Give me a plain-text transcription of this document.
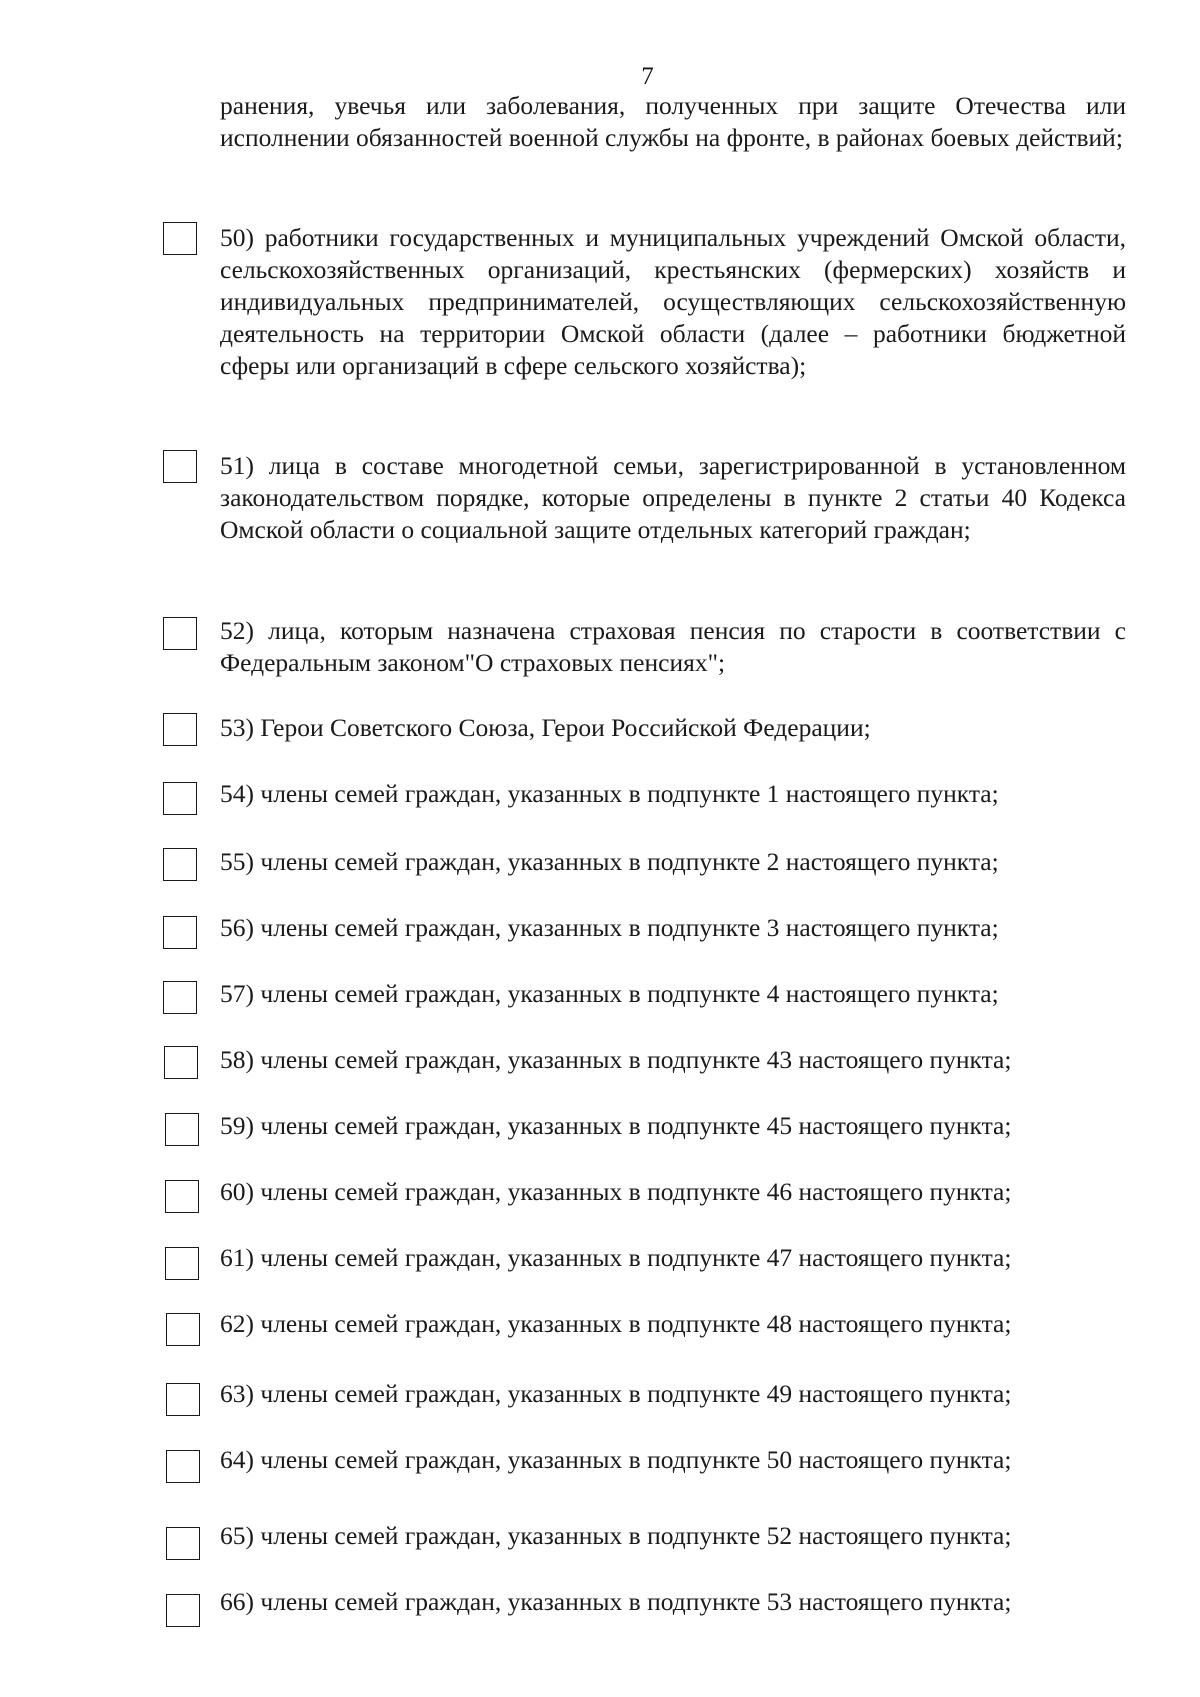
7
ранения, увечья или заболевания, полученных при защите Отечества или исполнении обязанностей военной службы на фронте, в районах боевых действий;
50) работники государственных и муниципальных учреждений Омской области, сельскохозяйственных организаций, крестьянских (фермерских) хозяйств и индивидуальных предпринимателей, осуществляющих сельскохозяйственную деятельность на территории Омской области (далее – работники бюджетной сферы или организаций в сфере сельского хозяйства);
51) лица в составе многодетной семьи, зарегистрированной в установленном законодательством порядке, которые определены в пункте 2 статьи 40 Кодекса Омской области о социальной защите отдельных категорий граждан;
52) лица, которым назначена страховая пенсия по старости в соответствии с Федеральным законом"О страховых пенсиях";
53) Герои Советского Союза, Герои Российской Федерации;
54) члены семей граждан, указанных в подпункте 1 настоящего пункта;
55) члены семей граждан, указанных в подпункте 2 настоящего пункта;
56) члены семей граждан, указанных в подпункте 3 настоящего пункта;
57) члены семей граждан, указанных в подпункте 4 настоящего пункта;
58) члены семей граждан, указанных в подпункте 43 настоящего пункта;
59) члены семей граждан, указанных в подпункте 45 настоящего пункта;
60) члены семей граждан, указанных в подпункте 46 настоящего пункта;
61) члены семей граждан, указанных в подпункте 47 настоящего пункта;
62) члены семей граждан, указанных в подпункте 48 настоящего пункта;
63) члены семей граждан, указанных в подпункте 49 настоящего пункта;
64) члены семей граждан, указанных в подпункте 50 настоящего пункта;
65) члены семей граждан, указанных в подпункте 52 настоящего пункта;
66) члены семей граждан, указанных в подпункте 53 настоящего пункта;
